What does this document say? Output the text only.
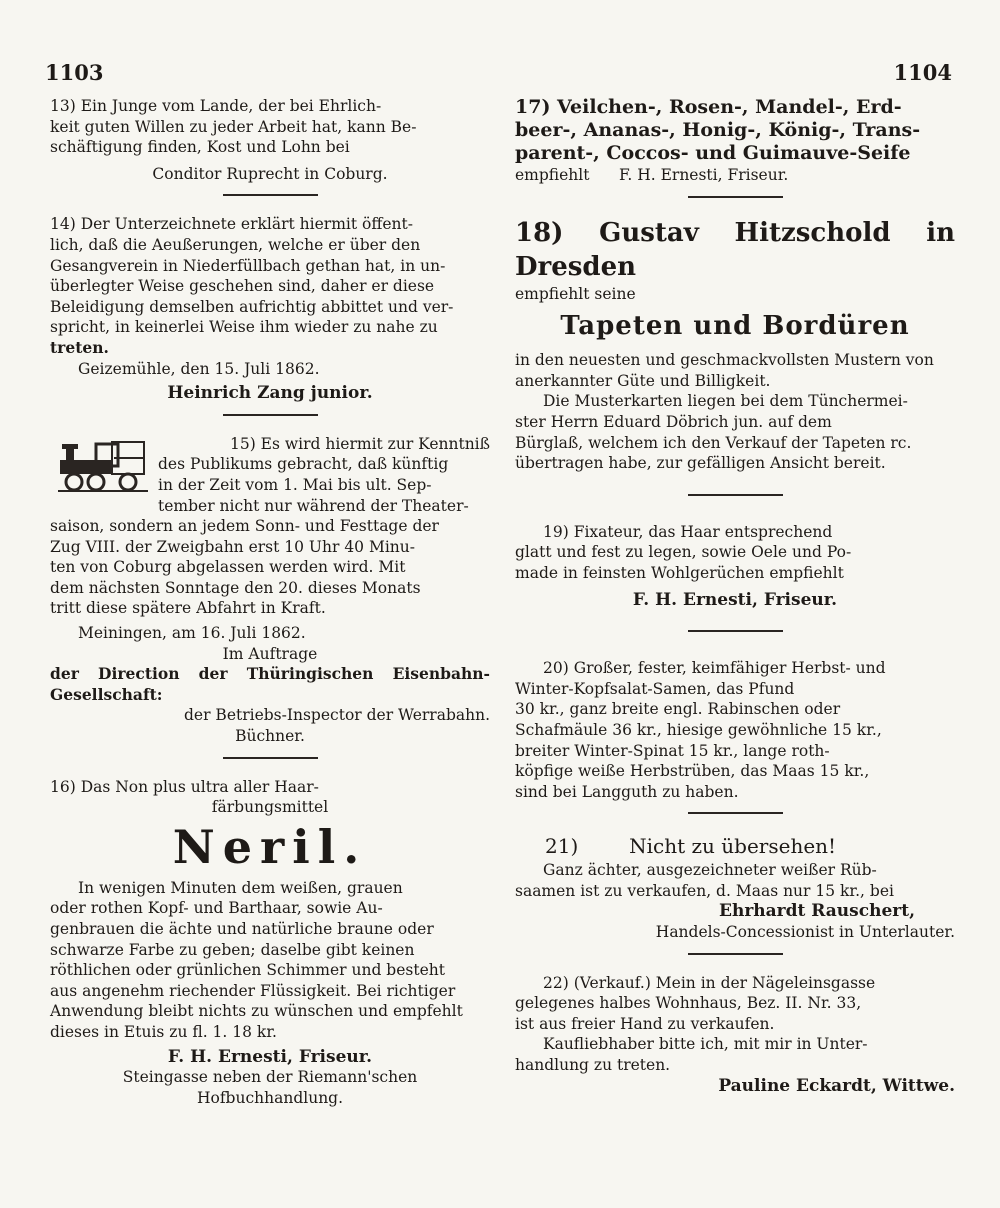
1103	1104

13) Ein Junge vom Lande, der bei Ehrlich-

keit guten Willen zu jeder Arbeit hat, kann Be-

schäftigung finden, Kost und Lohn bei

Conditor Ruprecht in Coburg.

14) Der Unterzeichnete erklärt hiermit öffent-

lich, daß die Aeußerungen, welche er über den

Gesangverein in Niederfüllbach gethan hat, in un-

überlegter Weise geschehen sind, daher er diese

Beleidigung demselben aufrichtig abbittet und ver-

spricht, in keinerlei Weise ihm wieder zu nahe zu

treten.

Geizemühle, den 15. Juli 1862.

Heinrich Zang junior.

15) Es wird hiermit zur Kenntniß

des Publikums gebracht, daß künftig

in der Zeit vom 1. Mai bis ult. Sep-

tember nicht nur während der Theater-

saison, sondern an jedem Sonn- und Festtage der

Zug VIII. der Zweigbahn erst 10 Uhr 40 Minu-

ten von Coburg abgelassen werden wird. Mit

dem nächsten Sonntage den 20. dieses Monats

tritt diese spätere Abfahrt in Kraft.

Meiningen, am 16. Juli 1862.

Im Auftrage

der Direction der Thüringischen Eisenbahn-Gesellschaft:

der Betriebs-Inspector der Werrabahn.

Büchner.

16) Das Non plus ultra aller Haar-

färbungsmittel

Neril.

In wenigen Minuten dem weißen, grauen

oder rothen Kopf- und Barthaar, sowie Au-

genbrauen die ächte und natürliche braune oder

schwarze Farbe zu geben; daselbe gibt keinen

röthlichen oder grünlichen Schimmer und besteht

aus angenehm riechender Flüssigkeit. Bei richtiger

Anwendung bleibt nichts zu wünschen und empfehlt

dieses in Etuis zu fl. 1. 18 kr.

F. H. Ernesti, Friseur.

Steingasse neben der Riemann'schen

Hofbuchhandlung.

17) Veilchen-, Rosen-, Mandel-, Erd-

beer-, Ananas-, Honig-, König-, Trans-

parent-, Coccos- und Guimauve-Seife

empfiehlt      F. H. Ernesti, Friseur.

18) Gustav Hitzschold in Dresden

empfiehlt seine

Tapeten und Bordüren

in den neuesten und geschmackvollsten Mustern von

anerkannter Güte und Billigkeit.

Die Musterkarten liegen bei dem Tünchermei-

ster Herrn Eduard Döbrich jun. auf dem

Bürglaß, welchem ich den Verkauf der Tapeten rc.

übertragen habe, zur gefälligen Ansicht bereit.

19) Fixateur, das Haar entsprechend

glatt und fest zu legen, sowie Oele und Po-

made in feinsten Wohlgerüchen empfiehlt

F. H. Ernesti, Friseur.

20) Großer, fester, keimfähiger Herbst- und

Winter-Kopfsalat-Samen, das Pfund

30 kr., ganz breite engl. Rabinschen oder

Schafmäule 36 kr., hiesige gewöhnliche 15 kr.,

breiter Winter-Spinat 15 kr., lange roth-

köpfige weiße Herbstrüben, das Maas 15 kr.,

sind bei Langguth zu haben.

21)        Nicht zu übersehen!

Ganz ächter, ausgezeichneter weißer Rüb-

saamen ist zu verkaufen, d. Maas nur 15 kr., bei

Ehrhardt Rauschert,

Handels-Concessionist in Unterlauter.

22) (Verkauf.) Mein in der Nägeleinsgasse

gelegenes halbes Wohnhaus, Bez. II. Nr. 33,

ist aus freier Hand zu verkaufen.

Kaufliebhaber bitte ich, mit mir in Unter-

handlung zu treten.

Pauline Eckardt, Wittwe.
